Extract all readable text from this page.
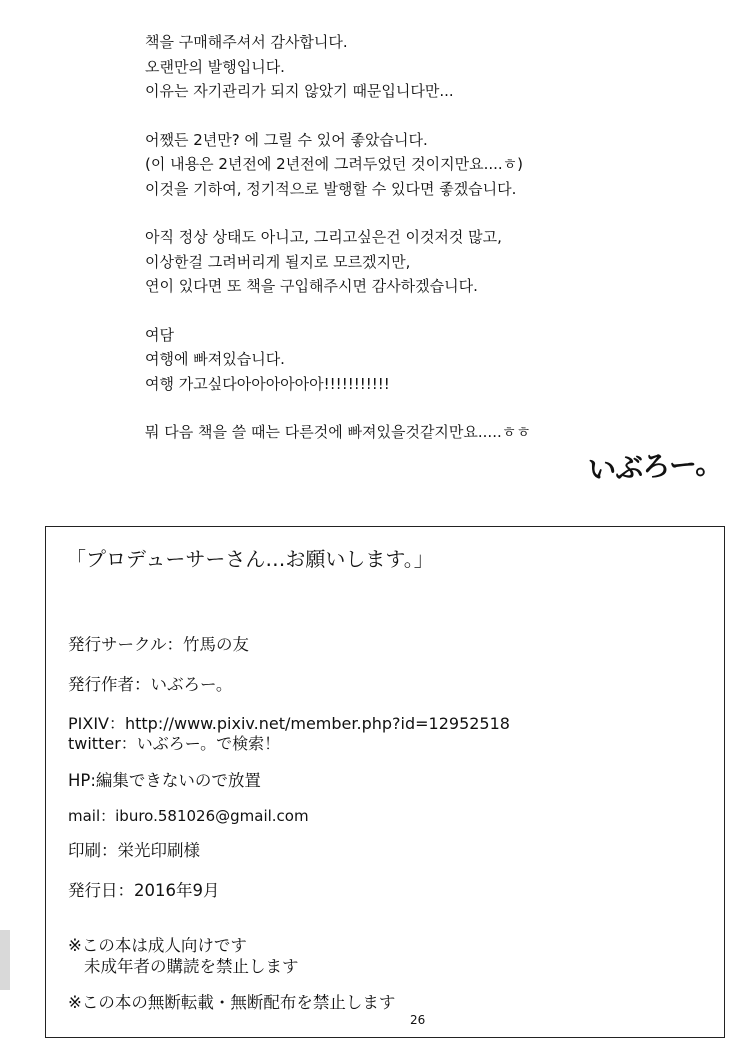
책을 구매해주셔서 감사합니다.
오랜만의 발행입니다.
이유는 자기관리가 되지 않았기 때문입니다만...
어쨌든 2년만? 에 그릴 수 있어 좋았습니다.
(이 내용은 2년전에 2년전에 그려두었던 것이지만요....ㅎ)
이것을 기하여, 정기적으로 발행할 수 있다면 좋겠습니다.
아직 정상 상태도 아니고, 그리고싶은건 이것저것 많고,
이상한걸 그려버리게 될지로 모르겠지만,
연이 있다면 또 책을 구입해주시면 감사하겠습니다.
여담
여행에 빠져있습니다.
여행 가고싶다아아아아아아!!!!!!!!!!!
뭐 다음 책을 쓸 때는 다른것에 빠져있을것같지만요.....ㅎㅎ
いぶろー。
「プロデューサーさん…お願いします。」
発行サークル：竹馬の友
発行作者：いぶろー。
PIXIV：http://www.pixiv.net/member.php?id=12952518
twitter：いぶろー。で検索！
HP:編集できないので放置
mail：iburo.581026@gmail.com
印刷：栄光印刷様
発行日：2016年9月
※この本は成人向けです
未成年者の購読を禁止します
※この本の無断転載・無断配布を禁止します
26
